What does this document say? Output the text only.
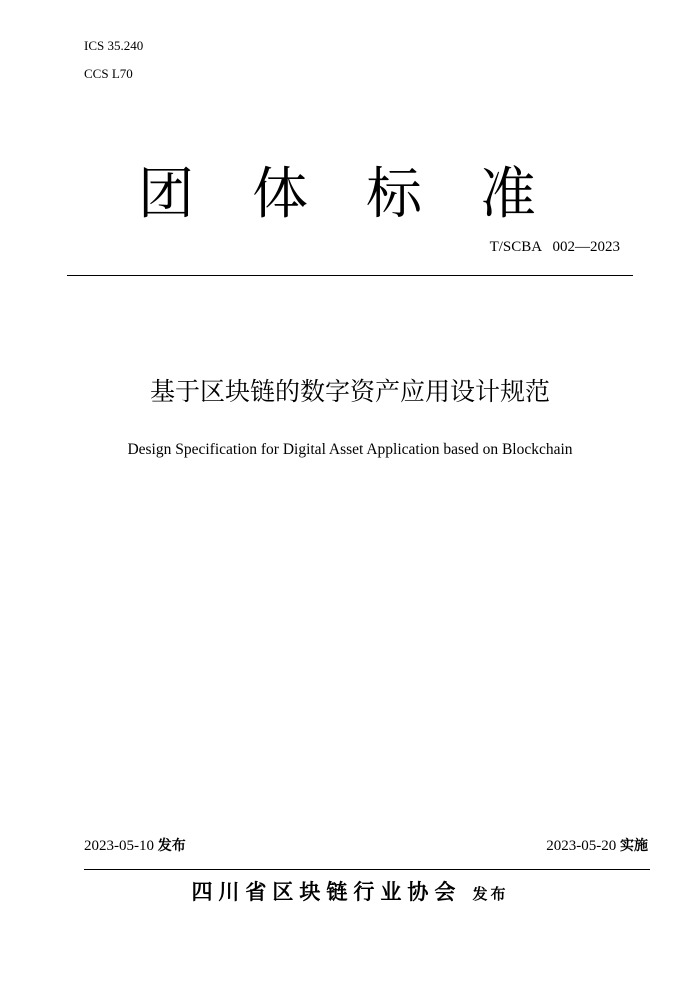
ICS 35.240
CCS L70
团体标准
T/SCBA   002—2023
基于区块链的数字资产应用设计规范
Design Specification for Digital Asset Application based on Blockchain
2023-05-10 发布	2023-05-20 实施
四川省区块链行业协会 发布
